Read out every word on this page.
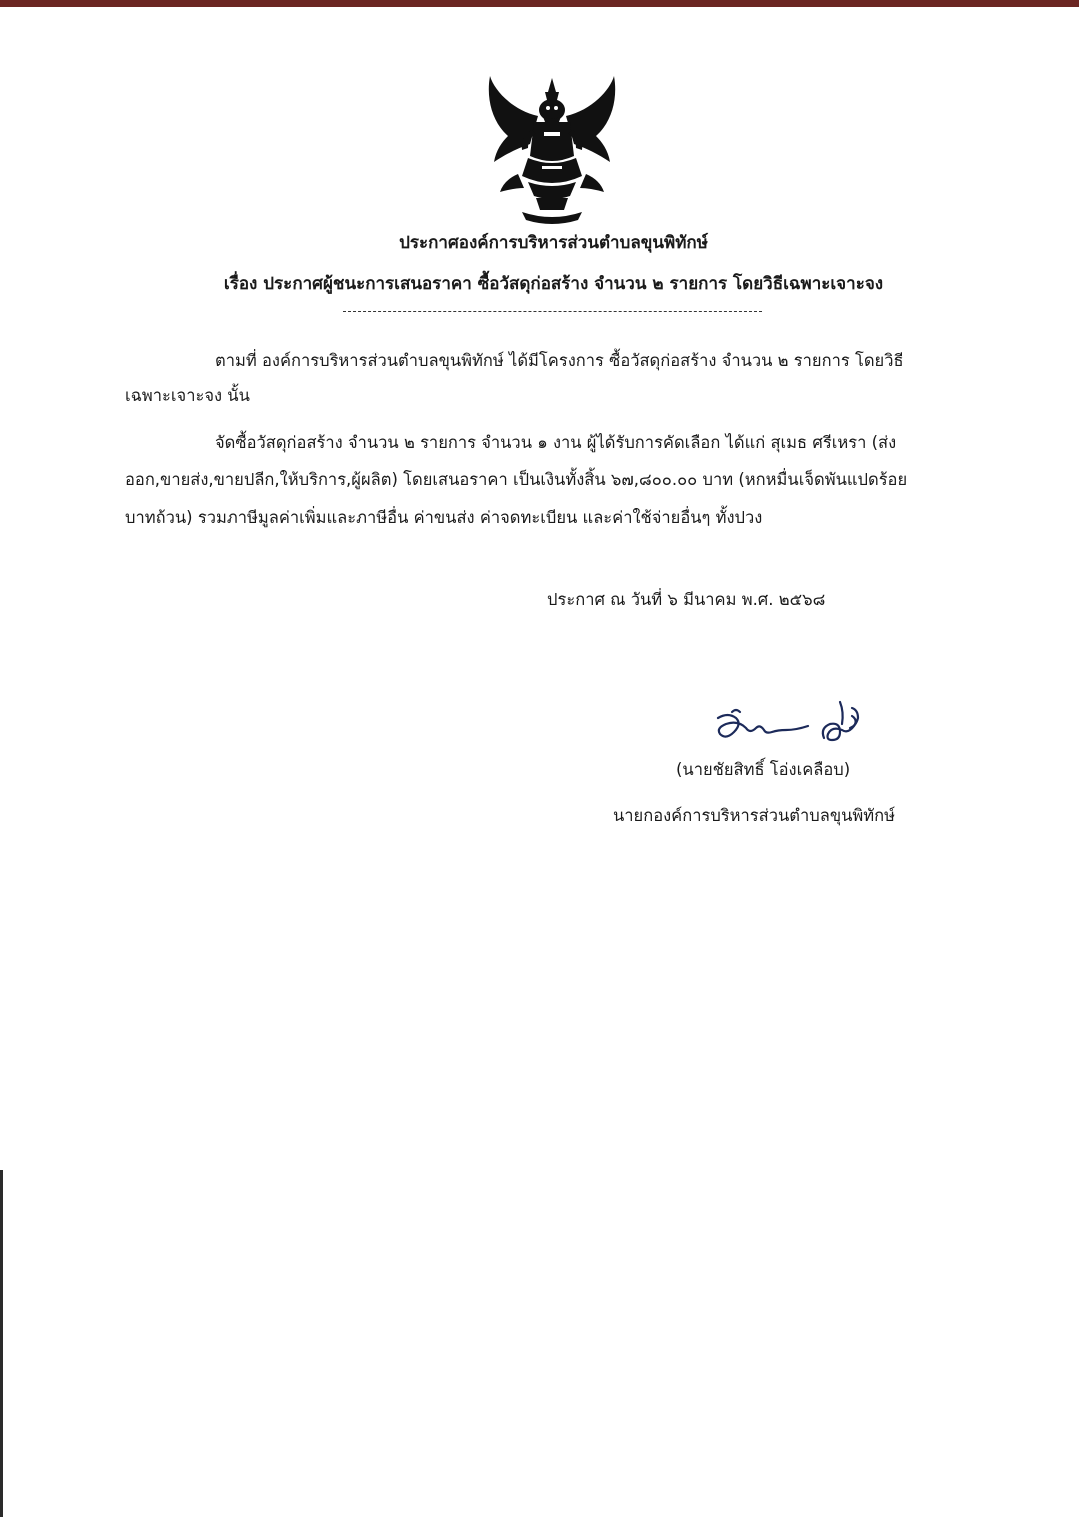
ประกาศองค์การบริหารส่วนตำบลขุนพิทักษ์
เรื่อง ประกาศผู้ชนะการเสนอราคา ซื้อวัสดุก่อสร้าง จำนวน ๒ รายการ โดยวิธีเฉพาะเจาะจง
ตามที่ องค์การบริหารส่วนตำบลขุนพิทักษ์ ได้มีโครงการ ซื้อวัสดุก่อสร้าง จำนวน ๒ รายการ โดยวิธี
เฉพาะเจาะจง นั้น
จัดซื้อวัสดุก่อสร้าง จำนวน ๒ รายการ จำนวน ๑ งาน ผู้ได้รับการคัดเลือก ได้แก่ สุเมธ ศรีเหรา (ส่ง
ออก,ขายส่ง,ขายปลีก,ให้บริการ,ผู้ผลิต) โดยเสนอราคา เป็นเงินทั้งสิ้น ๖๗,๘๐๐.๐๐ บาท (หกหมื่นเจ็ดพันแปดร้อย
บาทถ้วน) รวมภาษีมูลค่าเพิ่มและภาษีอื่น ค่าขนส่ง ค่าจดทะเบียน และค่าใช้จ่ายอื่นๆ ทั้งปวง
ประกาศ ณ วันที่ ๖ มีนาคม พ.ศ. ๒๕๖๘
(นายชัยสิทธิ์ โอ่งเคลือบ)
นายกองค์การบริหารส่วนตำบลขุนพิทักษ์
